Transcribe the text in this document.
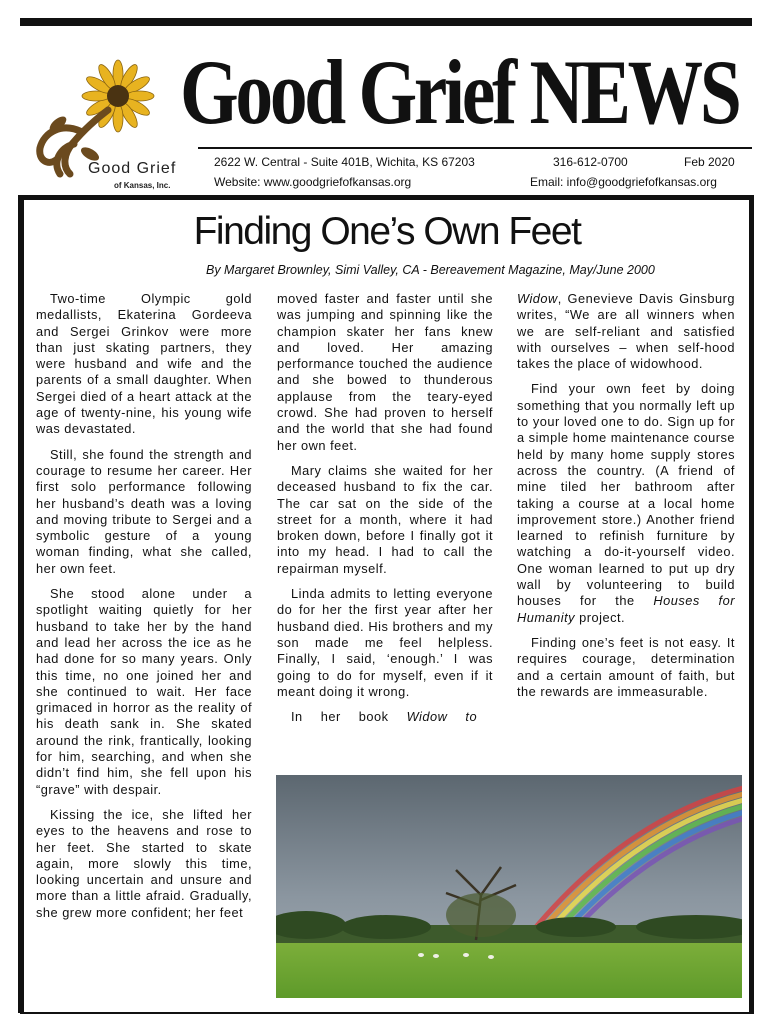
Good Grief
of Kansas, Inc.
Good Grief NEWS
2622 W. Central - Suite 401B, Wichita, KS 67203	316-612-0700	Feb 2020
Website: www.goodgriefofkansas.org	Email: info@goodgriefofkansas.org
Finding One’s Own Feet
By Margaret Brownley, Simi Valley, CA - Bereavement Magazine, May/June 2000

Two-time Olympic gold medallists, Ekaterina Gordeeva and Sergei Grinkov were more than just skating partners, they were husband and wife and the parents of a small daughter. When Sergei died of a heart attack at the age of twenty-nine, his young wife was devastated.

Still, she found the strength and courage to resume her career. Her first solo performance following her husband’s death was a loving and moving tribute to Sergei and a symbolic gesture of a young woman finding, what she called, her own feet.

She stood alone under a spotlight waiting quietly for her husband to take her by the hand and lead her across the ice as he had done for so many years. Only this time, no one joined her and she continued to wait. Her face grimaced in horror as the reality of his death sank in. She skated around the rink, frantically, looking for him, searching, and when she didn’t find him, she fell upon his “grave” with despair.

Kissing the ice, she lifted her eyes to the heavens and rose to her feet. She started to skate again, more slowly this time, looking uncertain and unsure and more than a little afraid. Gradually, she grew more confident; her feet

moved faster and faster until she was jumping and spinning like the champion skater her fans knew and loved. Her amazing performance touched the audience and she bowed to thunderous applause from the teary-eyed crowd. She had proven to herself and the world that she had found her own feet.

Mary claims she waited for her deceased husband to fix the car. The car sat on the side of the street for a month, where it had broken down, before I finally got it into my head. I had to call the repairman myself.

Linda admits to letting everyone do for her the first year after her husband died. His brothers and my son made me feel helpless. Finally, I said, ‘enough.’ I was going to do for myself, even if it meant doing it wrong.

In her book Widow to

Widow, Genevieve Davis Ginsburg writes, “We are all winners when we are self-reliant and satisfied with ourselves – when self-hood takes the place of widowhood.

Find your own feet by doing something that you normally left up to your loved one to do. Sign up for a simple home maintenance course held by many home supply stores across the country. (A friend of mine tiled her bathroom after taking a course at a local home improvement store.) Another friend learned to refinish furniture by watching a do-it-yourself video. One woman learned to put up dry wall by volunteering to build houses for the Houses for Humanity project.

Finding one’s feet is not easy. It requires courage, determination and a certain amount of faith, but the rewards are immeasurable.
